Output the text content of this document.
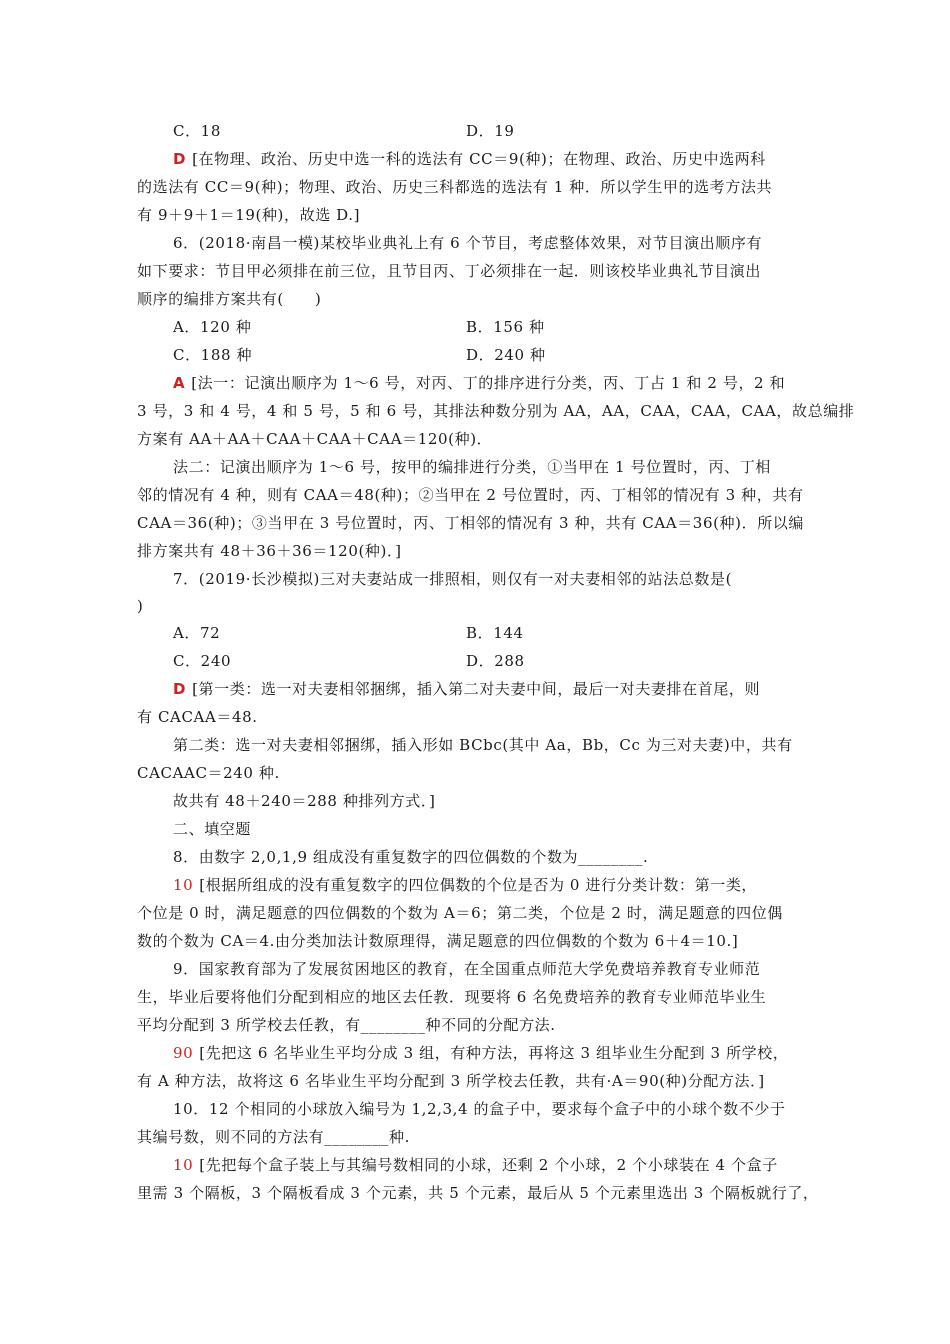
C．18	D．19
D [在物理、政治、历史中选一科的选法有 CC＝9(种)；在物理、政治、历史中选两科
的选法有 CC＝9(种)；物理、政治、历史三科都选的选法有 1 种．所以学生甲的选考方法共
有 9＋9＋1＝19(种)，故选 D.]
6．(2018·南昌一模)某校毕业典礼上有 6 个节目，考虑整体效果，对节目演出顺序有
如下要求：节目甲必须排在前三位，且节目丙、丁必须排在一起．则该校毕业典礼节目演出
顺序的编排方案共有(　　)
A．120 种	B．156 种
C．188 种	D．240 种
A [法一：记演出顺序为 1～6 号，对丙、丁的排序进行分类，丙、丁占 1 和 2 号，2 和
3 号，3 和 4 号，4 和 5 号，5 和 6 号，其排法种数分别为 AA，AA，CAA，CAA，CAA，故总编排
方案有 AA＋AA＋CAA＋CAA＋CAA＝120(种)．
法二：记演出顺序为 1～6 号，按甲的编排进行分类，①当甲在 1 号位置时，丙、丁相
邻的情况有 4 种，则有 CAA＝48(种)；②当甲在 2 号位置时，丙、丁相邻的情况有 3 种，共有
CAA＝36(种)；③当甲在 3 号位置时，丙、丁相邻的情况有 3 种，共有 CAA＝36(种)．所以编
排方案共有 48＋36＋36＝120(种)．]
7．(2019·长沙模拟)三对夫妻站成一排照相，则仅有一对夫妻相邻的站法总数是(
)
A．72	B．144
C．240	D．288
D [第一类：选一对夫妻相邻捆绑，插入第二对夫妻中间，最后一对夫妻排在首尾，则
有 CACAA＝48.
第二类：选一对夫妻相邻捆绑，插入形如 BCbc(其中 Aa，Bb，Cc 为三对夫妻)中，共有
CACAAC＝240 种.
故共有 48＋240＝288 种排列方式．]
二、填空题
8．由数字 2,0,1,9 组成没有重复数字的四位偶数的个数为________.
10 [根据所组成的没有重复数字的四位偶数的个位是否为 0 进行分类计数：第一类，
个位是 0 时，满足题意的四位偶数的个数为 A＝6；第二类，个位是 2 时，满足题意的四位偶
数的个数为 CA＝4.由分类加法计数原理得，满足题意的四位偶数的个数为 6＋4＝10.]
9．国家教育部为了发展贫困地区的教育，在全国重点师范大学免费培养教育专业师范
生，毕业后要将他们分配到相应的地区去任教．现要将 6 名免费培养的教育专业师范毕业生
平均分配到 3 所学校去任教，有________种不同的分配方法.
90 [先把这 6 名毕业生平均分成 3 组，有种方法，再将这 3 组毕业生分配到 3 所学校，
有 A 种方法，故将这 6 名毕业生平均分配到 3 所学校去任教，共有·A＝90(种)分配方法．]
10．12 个相同的小球放入编号为 1,2,3,4 的盒子中，要求每个盒子中的小球个数不少于
其编号数，则不同的方法有________种.
10 [先把每个盒子装上与其编号数相同的小球，还剩 2 个小球，2 个小球装在 4 个盒子
里需 3 个隔板，3 个隔板看成 3 个元素，共 5 个元素，最后从 5 个元素里选出 3 个隔板就行了，
